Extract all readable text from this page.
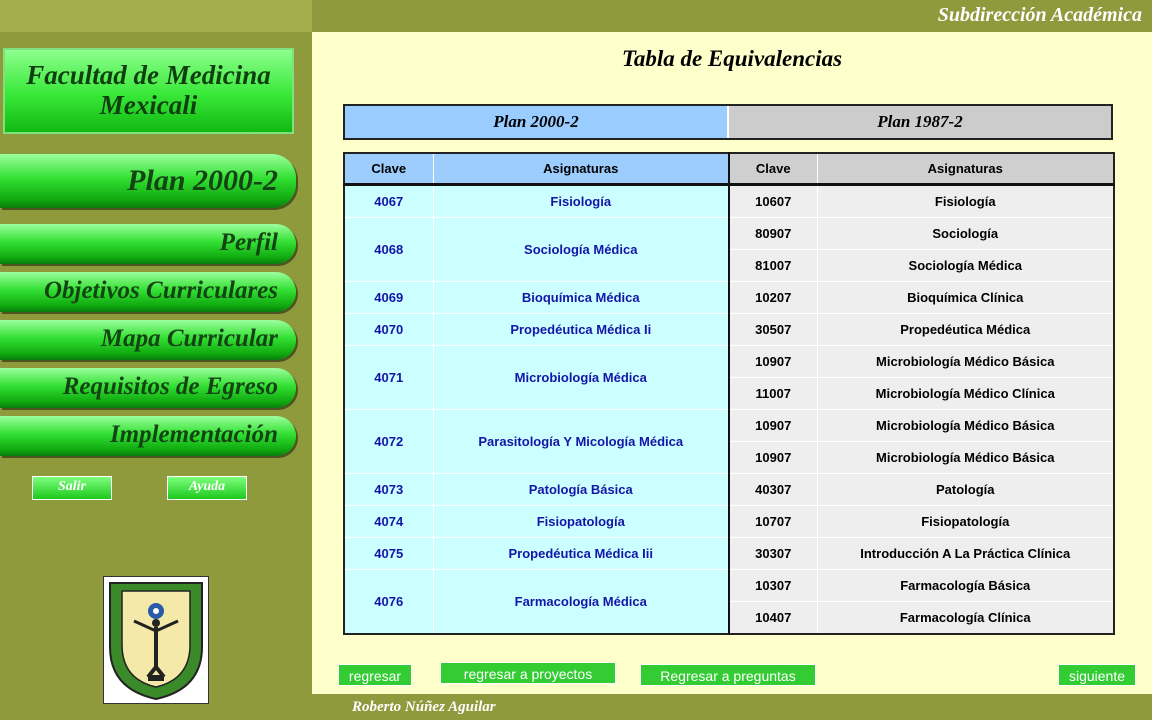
Subdirección Académica
Facultad de Medicina
Mexicali
Plan 2000-2
Perfil
Objetivos Curriculares
Mapa Curricular
Requisitos de Egreso
Implementación
Salir	Ayuda
Tabla de Equivalencias
Plan 2000-2	Plan 1987-2
Clave	Asignaturas	Clave	Asignaturas
4067	Fisiología	10607	Fisiología
4068	Sociología Médica	80907	Sociología
		81007	Sociología Médica
4069	Bioquímica Médica	10207	Bioquímica Clínica
4070	Propedéutica Médica Ii	30507	Propedéutica Médica
4071	Microbiología Médica	10907	Microbiología Médico Básica
		11007	Microbiología Médico Clínica
4072	Parasitología Y Micología Médica	10907	Microbiología Médico Básica
		10907	Microbiología Médico Básica
4073	Patología Básica	40307	Patología
4074	Fisiopatología	10707	Fisiopatología
4075	Propedéutica Médica Iii	30307	Introducción A La Práctica Clínica
4076	Farmacología Médica	10307	Farmacología Básica
		10407	Farmacología Clínica
regresar	regresar a proyectos	Regresar a preguntas	siguiente
Roberto Núñez Aguilar
